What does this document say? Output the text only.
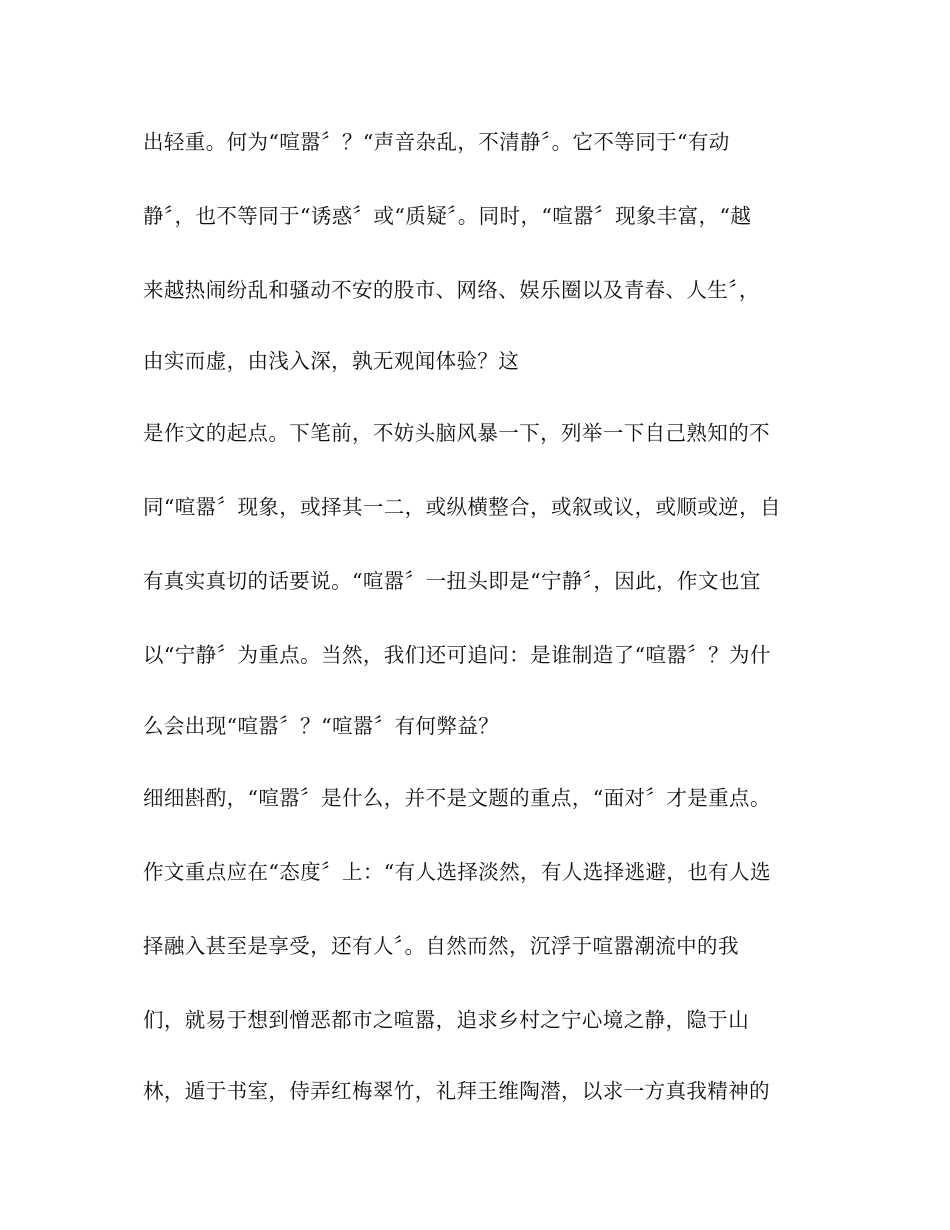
出轻重。何为“喧嚣〞？“声音杂乱，不清静〞。它不等同于“有动
静〞，也不等同于“诱惑〞或“质疑〞。同时，“喧嚣〞现象丰富，“越
来越热闹纷乱和骚动不安的股市、网络、娱乐圈以及青春、人生〞，
由实而虚，由浅入深，孰无观闻体验？这
是作文的起点。下笔前，不妨头脑风暴一下，列举一下自己熟知的不
同“喧嚣〞现象，或择其一二，或纵横整合，或叙或议，或顺或逆，自
有真实真切的话要说。“喧嚣〞一扭头即是“宁静〞，因此，作文也宜
以“宁静〞为重点。当然，我们还可追问：是谁制造了“喧嚣〞？为什
么会出现“喧嚣〞？“喧嚣〞有何弊益？
细细斟酌，“喧嚣〞是什么，并不是文题的重点，“面对〞才是重点。
作文重点应在“态度〞上：“有人选择淡然，有人选择逃避，也有人选
择融入甚至是享受，还有人〞。自然而然，沉浮于喧嚣潮流中的我
们，就易于想到憎恶都市之喧嚣，追求乡村之宁心境之静，隐于山
林，遁于书室，侍弄红梅翠竹，礼拜王维陶潜，以求一方真我精神的
